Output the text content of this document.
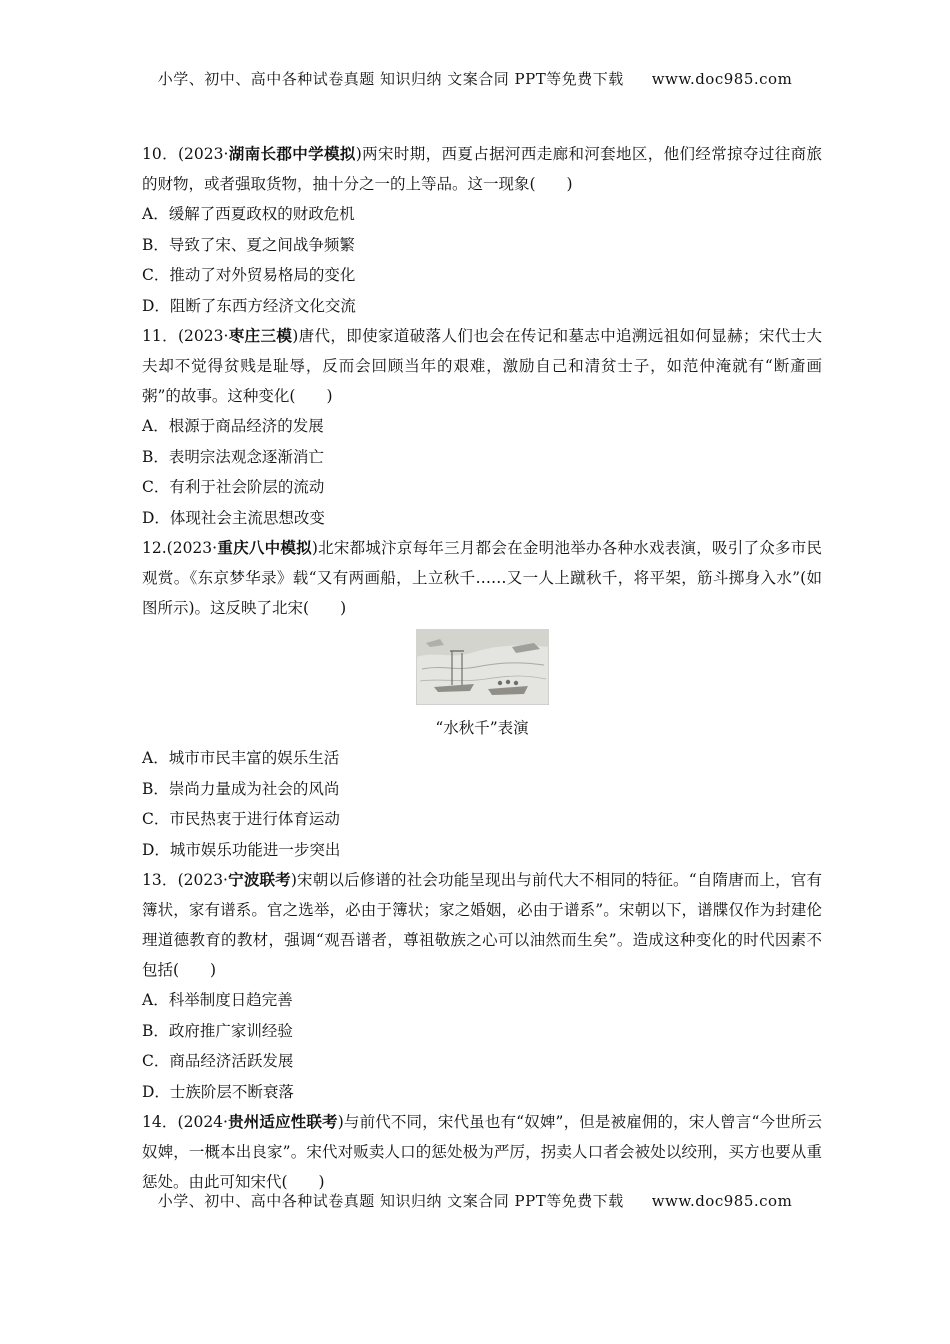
小学、初中、高中各种试卷真题 知识归纳 文案合同 PPT等免费下载 www.doc985.com
10．(2023·湖南长郡中学模拟)两宋时期，西夏占据河西走廊和河套地区，他们经常掠夺过往商旅的财物，或者强取货物，抽十分之一的上等品。这一现象(　　)
A．缓解了西夏政权的财政危机
B．导致了宋、夏之间战争频繁
C．推动了对外贸易格局的变化
D．阻断了东西方经济文化交流
11．(2023·枣庄三模)唐代，即使家道破落人们也会在传记和墓志中追溯远祖如何显赫；宋代士大夫却不觉得贫贱是耻辱，反而会回顾当年的艰难，激励自己和清贫士子，如范仲淹就有“断齑画粥”的故事。这种变化(　　)
A．根源于商品经济的发展
B．表明宗法观念逐渐消亡
C．有利于社会阶层的流动
D．体现社会主流思想改变
12.(2023·重庆八中模拟)北宋都城汴京每年三月都会在金明池举办各种水戏表演，吸引了众多市民观赏。《东京梦华录》载“又有两画船，上立秋千……又一人上蹴秋千，将平架，筋斗掷身入水”(如图所示)。这反映了北宋(　　)
“水秋千”表演
A．城市市民丰富的娱乐生活
B．崇尚力量成为社会的风尚
C．市民热衷于进行体育运动
D．城市娱乐功能进一步突出
13．(2023·宁波联考)宋朝以后修谱的社会功能呈现出与前代大不相同的特征。“自隋唐而上，官有簿状，家有谱系。官之选举，必由于簿状；家之婚姻，必由于谱系”。宋朝以下，谱牒仅作为封建伦理道德教育的教材，强调“观吾谱者，尊祖敬族之心可以油然而生矣”。造成这种变化的时代因素不包括(　　)
A．科举制度日趋完善
B．政府推广家训经验
C．商品经济活跃发展
D．士族阶层不断衰落
14．(2024·贵州适应性联考)与前代不同，宋代虽也有“奴婢”，但是被雇佣的，宋人曾言“今世所云奴婢，一概本出良家”。宋代对贩卖人口的惩处极为严厉，拐卖人口者会被处以绞刑，买方也要从重惩处。由此可知宋代(　　)
小学、初中、高中各种试卷真题 知识归纳 文案合同 PPT等免费下载 www.doc985.com
